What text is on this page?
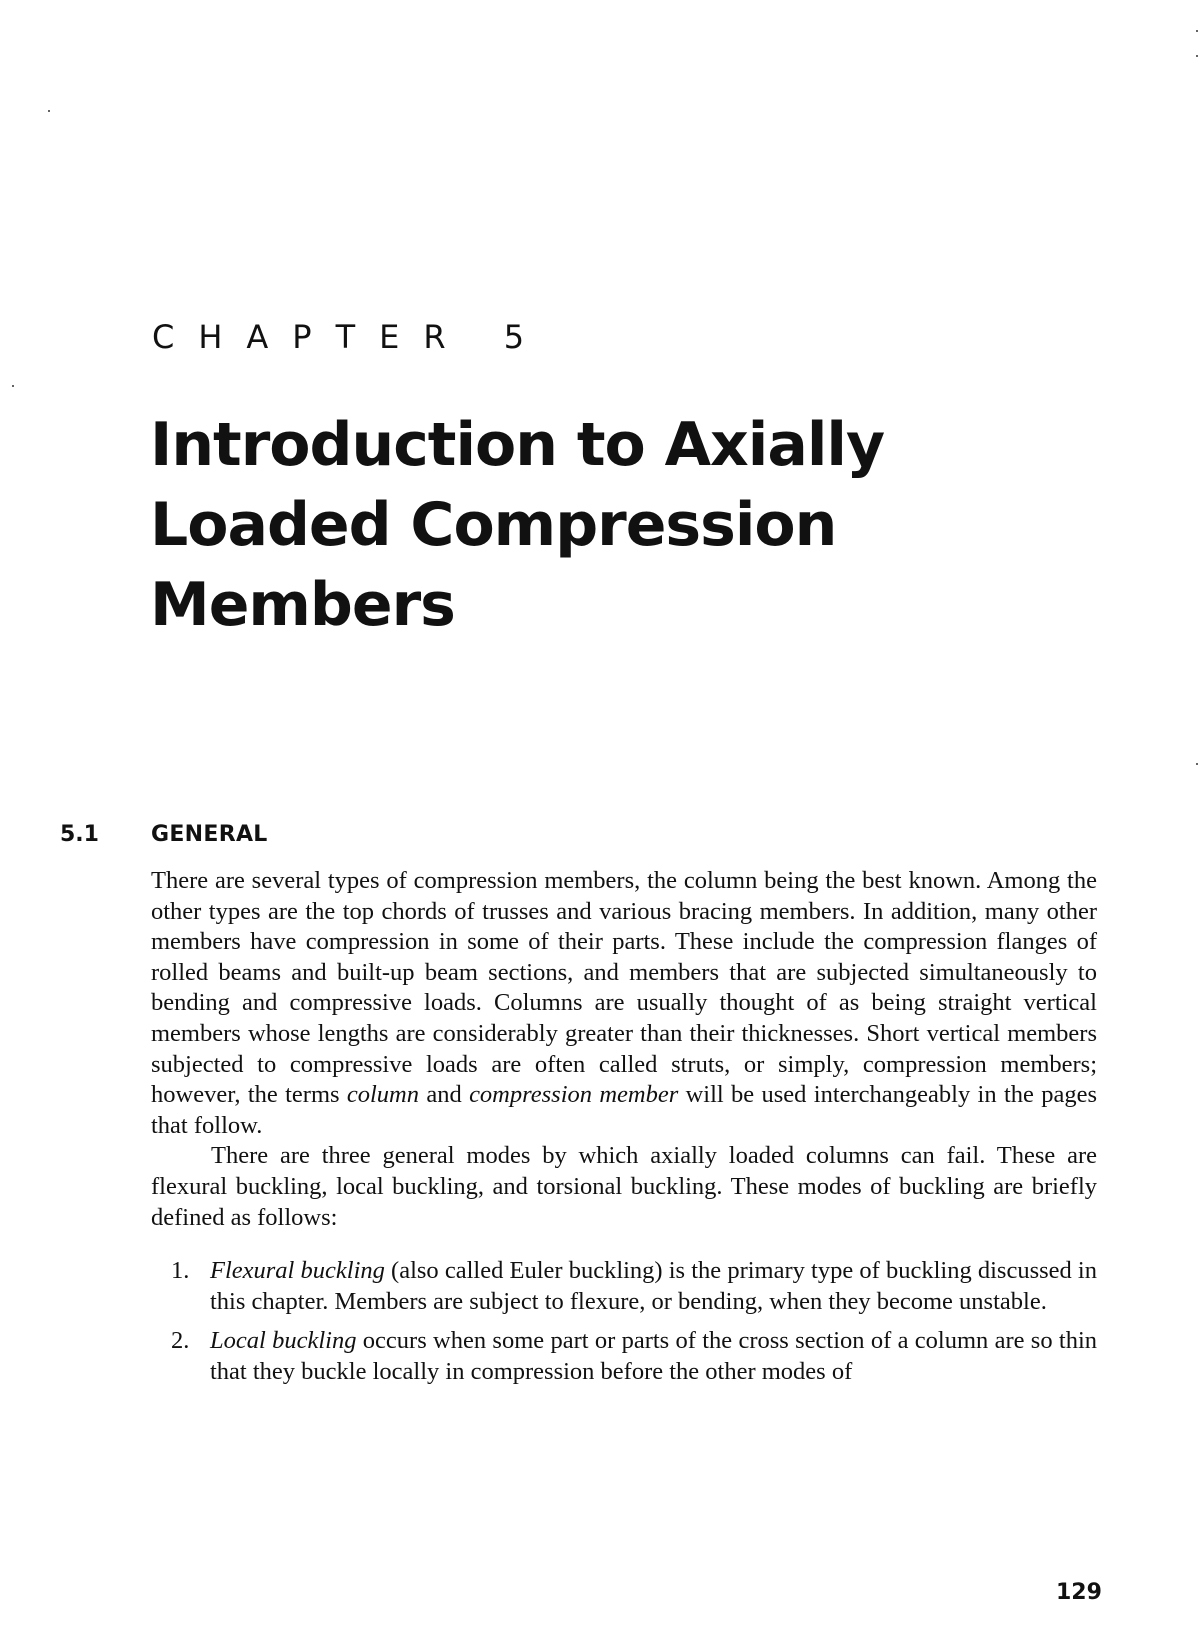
CHAPTER 5
Introduction to Axially
Loaded Compression
Members
5.1 GENERAL

There are several types of compression members, the column being the best known. Among the other types are the top chords of trusses and various bracing members. In addition, many other members have compression in some of their parts. These include the compression flanges of rolled beams and built-up beam sections, and members that are subjected simultaneously to bending and compressive loads. Columns are usually thought of as being straight vertical members whose lengths are considerably greater than their thicknesses. Short vertical members subjected to compressive loads are often called struts, or simply, compression members; however, the terms column and compression member will be used interchangeably in the pages that follow.

There are three general modes by which axially loaded columns can fail. These are flexural buckling, local buckling, and torsional buckling. These modes of buckling are briefly defined as follows:

1. Flexural buckling (also called Euler buckling) is the primary type of buckling discussed in this chapter. Members are subject to flexure, or bending, when they become unstable.
2. Local buckling occurs when some part or parts of the cross section of a column are so thin that they buckle locally in compression before the other modes of
129
